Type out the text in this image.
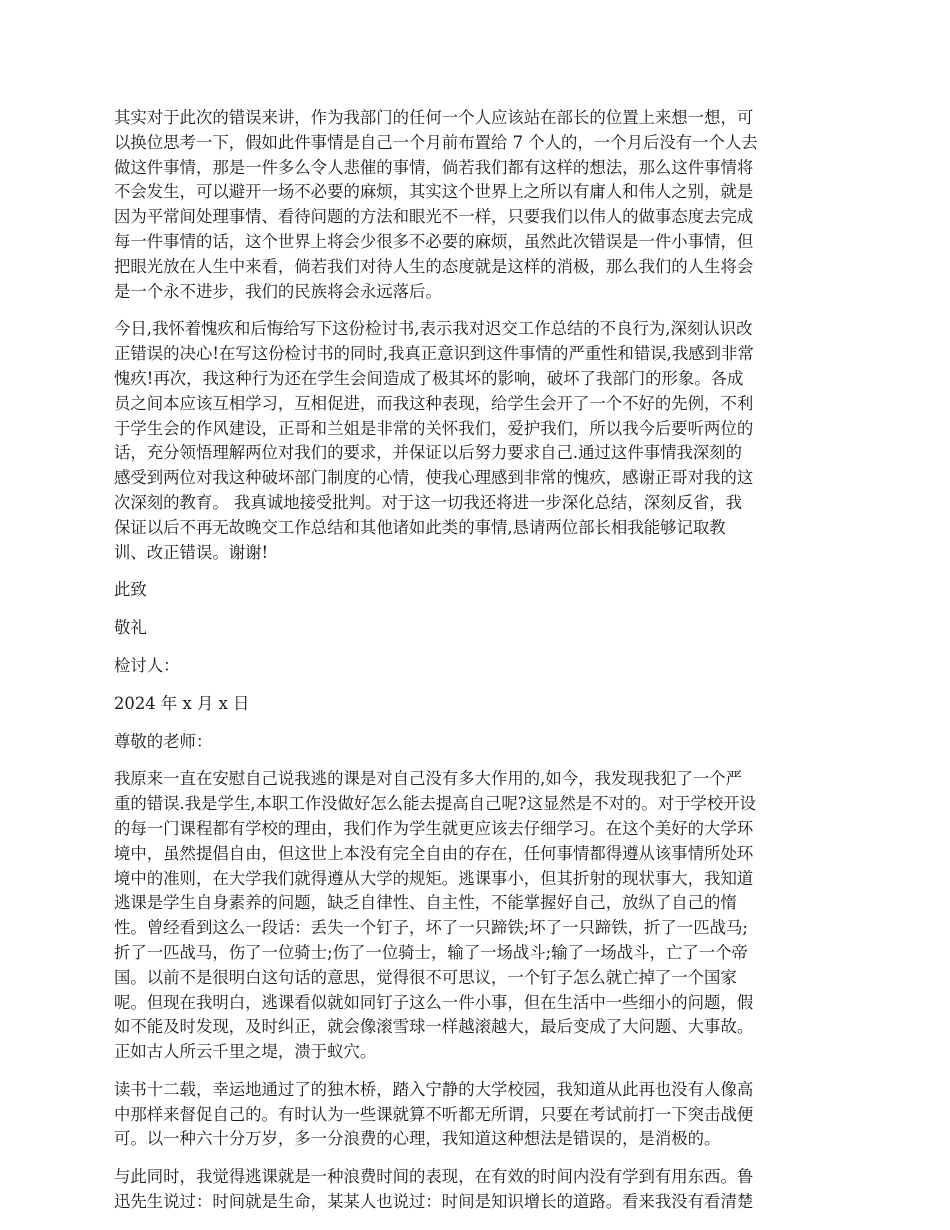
其实对于此次的错误来讲，作为我部门的任何一个人应该站在部长的位置上来想一想，可
以换位思考一下，假如此件事情是自己一个月前布置给 7 个人的，一个月后没有一个人去
做这件事情，那是一件多么令人悲催的事情，倘若我们都有这样的想法，那么这件事情将
不会发生，可以避开一场不必要的麻烦，其实这个世界上之所以有庸人和伟人之别，就是
因为平常间处理事情、看待问题的方法和眼光不一样，只要我们以伟人的做事态度去完成
每一件事情的话，这个世界上将会少很多不必要的麻烦，虽然此次错误是一件小事情，但
把眼光放在人生中来看，倘若我们对待人生的态度就是这样的消极，那么我们的人生将会
是一个永不进步，我们的民族将会永远落后。
今日,我怀着愧疚和后悔给写下这份检讨书,表示我对迟交工作总结的不良行为,深刻认识改
正错误的决心!在写这份检讨书的同时,我真正意识到这件事情的严重性和错误,我感到非常
愧疚!再次，我这种行为还在学生会间造成了极其坏的影响，破坏了我部门的形象。各成
员之间本应该互相学习，互相促进，而我这种表现，给学生会开了一个不好的先例，不利
于学生会的作风建设，正哥和兰姐是非常的关怀我们，爱护我们，所以我今后要听两位的
话，充分领悟理解两位对我们的要求，并保证以后努力要求自己.通过这件事情我深刻的
感受到两位对我这种破坏部门制度的心情，使我心理感到非常的愧疚，感谢正哥对我的这
次深刻的教育。 我真诚地接受批判。对于这一切我还将进一步深化总结，深刻反省，我
保证以后不再无故晚交工作总结和其他诸如此类的事情,恳请两位部长相我能够记取教
训、改正错误。谢谢!
此致
敬礼
检讨人：
2024 年 x 月 x 日
尊敬的老师：
我原来一直在安慰自己说我逃的课是对自己没有多大作用的,如今，我发现我犯了一个严
重的错误.我是学生,本职工作没做好怎么能去提高自己呢?这显然是不对的。对于学校开设
的每一门课程都有学校的理由，我们作为学生就更应该去仔细学习。在这个美好的大学环
境中，虽然提倡自由，但这世上本没有完全自由的存在，任何事情都得遵从该事情所处环
境中的准则，在大学我们就得遵从大学的规矩。逃课事小，但其折射的现状事大，我知道
逃课是学生自身素养的问题，缺乏自律性、自主性，不能掌握好自己，放纵了自己的惰
性。曾经看到这么一段话：丢失一个钉子，坏了一只蹄铁;坏了一只蹄铁，折了一匹战马;
折了一匹战马，伤了一位骑士;伤了一位骑士，输了一场战斗;输了一场战斗，亡了一个帝
国。以前不是很明白这句话的意思，觉得很不可思议，一个钉子怎么就亡掉了一个国家
呢。但现在我明白，逃课看似就如同钉子这么一件小事，但在生活中一些细小的问题，假
如不能及时发现，及时纠正，就会像滚雪球一样越滚越大，最后变成了大问题、大事故。
正如古人所云千里之堤，溃于蚁穴。
读书十二载，幸运地通过了的独木桥，踏入宁静的大学校园，我知道从此再也没有人像高
中那样来督促自己的。有时认为一些课就算不听都无所谓，只要在考试前打一下突击战便
可。以一种六十分万岁，多一分浪费的心理，我知道这种想法是错误的，是消极的。
与此同时，我觉得逃课就是一种浪费时间的表现，在有效的时间内没有学到有用东西。鲁
迅先生说过：时间就是生命，某某人也说过：时间是知识增长的道路。看来我没有看清楚
